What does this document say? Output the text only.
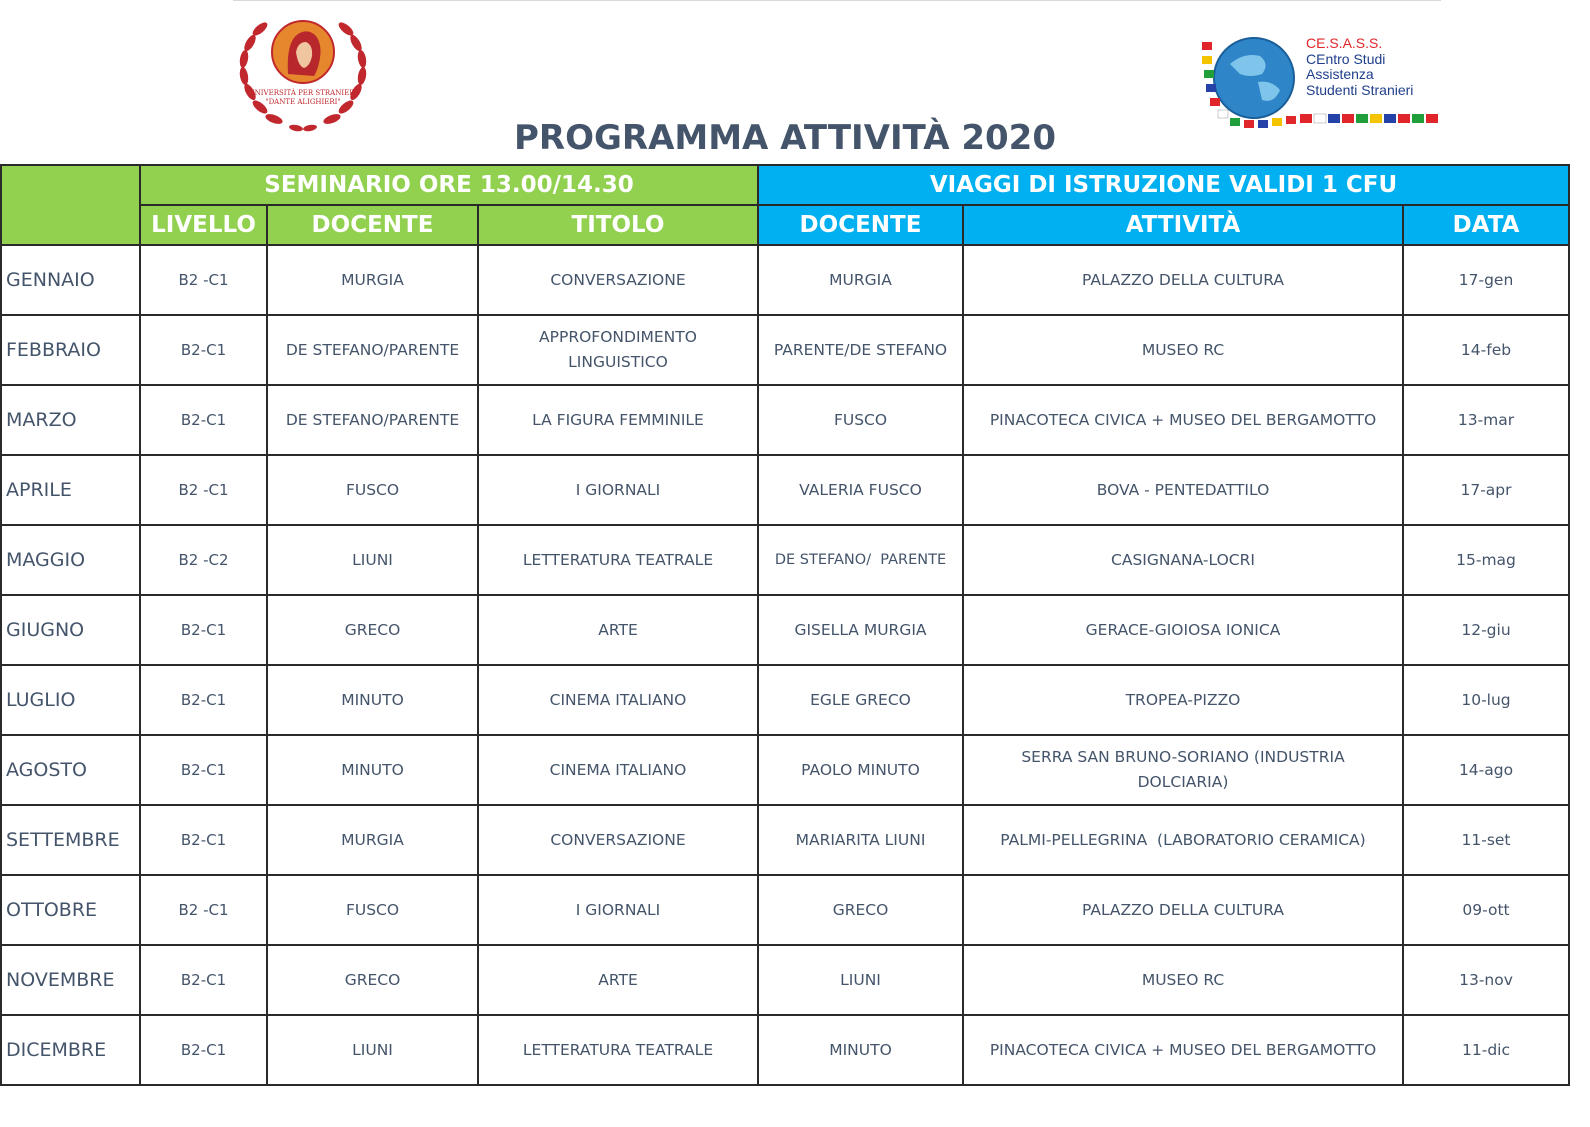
UNIVERSITÀ PER STRANIERI
"DANTE ALIGHIERI"
CE.S.A.S.S.
CEntro Studi
Assistenza
Studenti Stranieri
PROGRAMMA ATTIVITÀ 2020
	SEMINARIO ORE 13.00/14.30			VIAGGI DI ISTRUZIONE VALIDI 1 CFU		
	LIVELLO	DOCENTE	TITOLO	DOCENTE	ATTIVITÀ	DATA
GENNAIO	B2 -C1	MURGIA	CONVERSAZIONE	MURGIA	PALAZZO DELLA CULTURA	17-gen
FEBBRAIO	B2-C1	DE STEFANO/PARENTE	APPROFONDIMENTO LINGUISTICO	PARENTE/DE STEFANO	MUSEO RC	14-feb
MARZO	B2-C1	DE STEFANO/PARENTE	LA FIGURA FEMMINILE	FUSCO	PINACOTECA CIVICA + MUSEO DEL BERGAMOTTO	13-mar
APRILE	B2 -C1	FUSCO	I GIORNALI	VALERIA FUSCO	BOVA - PENTEDATTILO	17-apr
MAGGIO	B2 -C2	LIUNI	LETTERATURA TEATRALE	DE STEFANO/  PARENTE	CASIGNANA-LOCRI	15-mag
GIUGNO	B2-C1	GRECO	ARTE	GISELLA MURGIA	GERACE-GIOIOSA IONICA	12-giu
LUGLIO	B2-C1	MINUTO	CINEMA ITALIANO	EGLE GRECO	TROPEA-PIZZO	10-lug
AGOSTO	B2-C1	MINUTO	CINEMA ITALIANO	PAOLO MINUTO	SERRA SAN BRUNO-SORIANO (INDUSTRIA DOLCIARIA)	14-ago
SETTEMBRE	B2-C1	MURGIA	CONVERSAZIONE	MARIARITA LIUNI	PALMI-PELLEGRINA  (LABORATORIO CERAMICA)	11-set
OTTOBRE	B2 -C1	FUSCO	I GIORNALI	GRECO	PALAZZO DELLA CULTURA	09-ott
NOVEMBRE	B2-C1	GRECO	ARTE	LIUNI	MUSEO RC	13-nov
DICEMBRE	B2-C1	LIUNI	LETTERATURA TEATRALE	MINUTO	PINACOTECA CIVICA + MUSEO DEL BERGAMOTTO	11-dic
